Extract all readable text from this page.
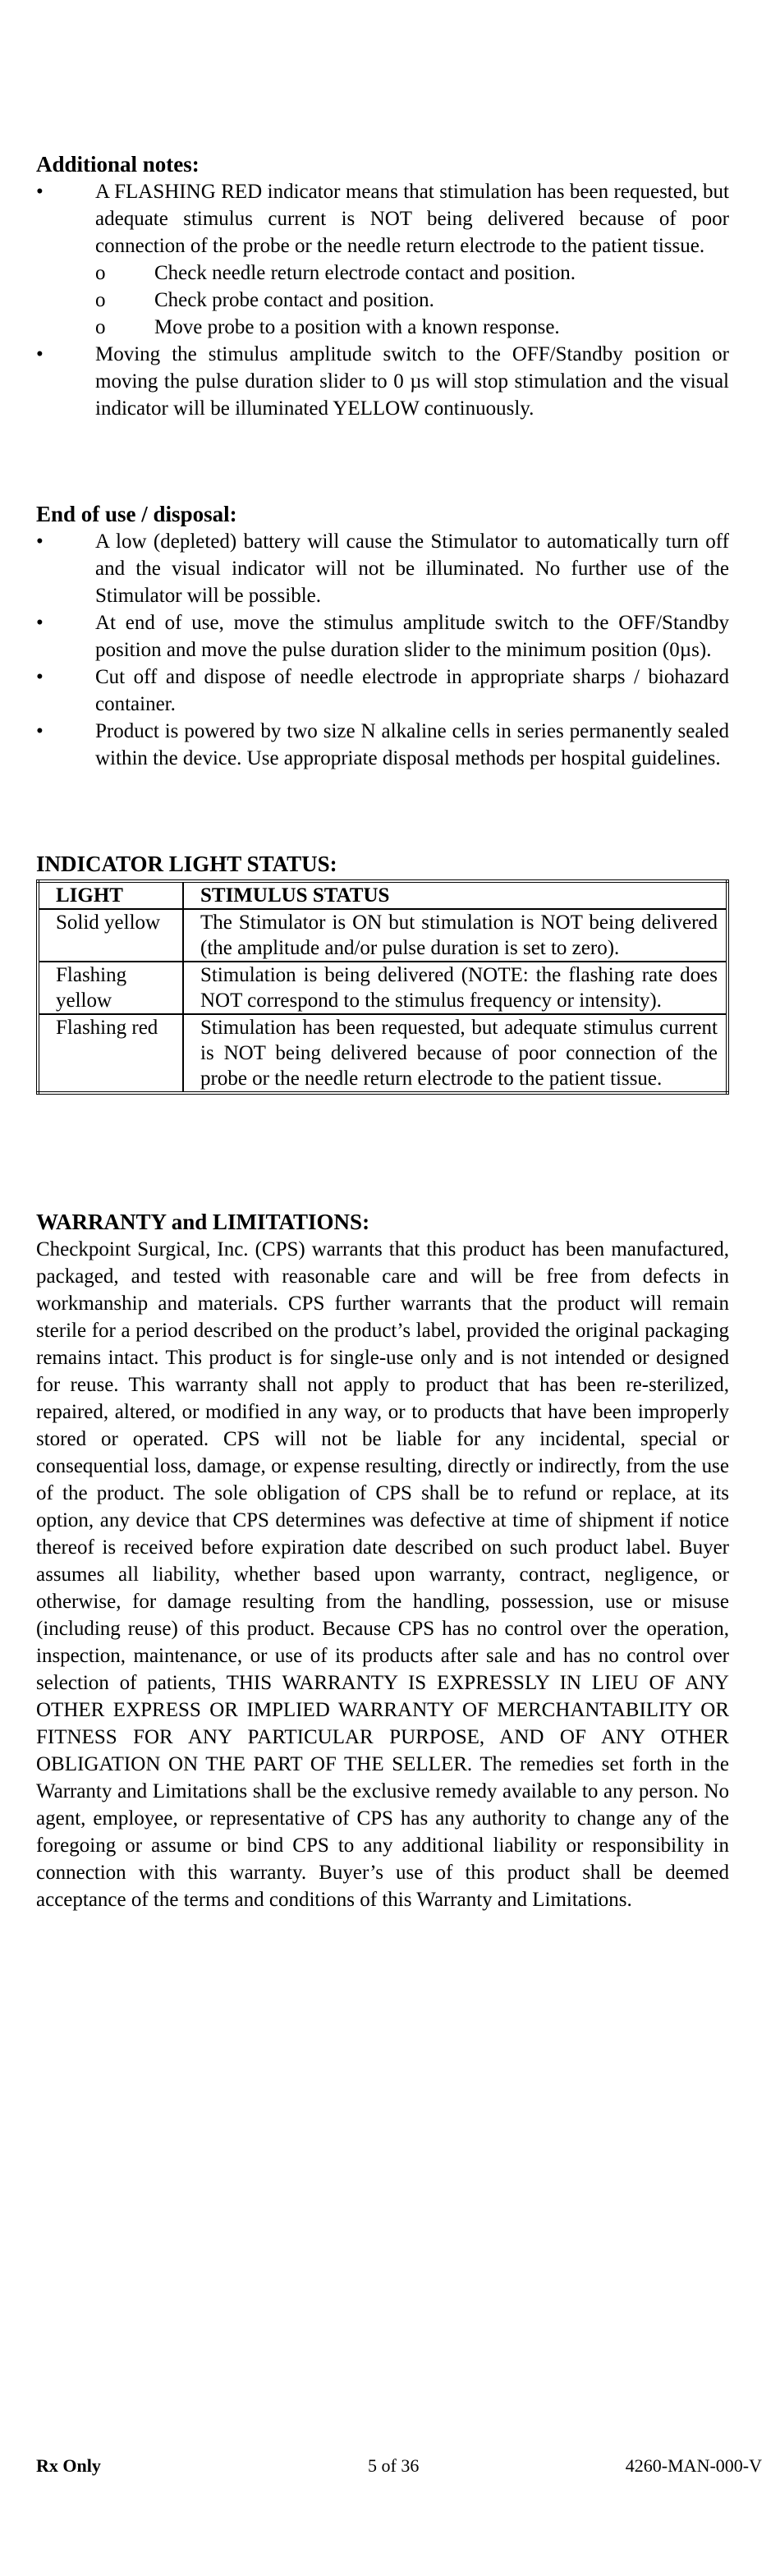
Additional notes:
•	A FLASHING RED indicator means that stimulation has been requested, but adequate stimulus current is NOT being delivered because of poor connection of the probe or the needle return electrode to the patient tissue.
o Check needle return electrode contact and position.
o Check probe contact and position.
o Move probe to a position with a known response.
•	Moving the stimulus amplitude switch to the OFF/Standby position or moving the pulse duration slider to 0 µs will stop stimulation and the visual indicator will be illuminated YELLOW continuously.
End of use / disposal:
•	A low (depleted) battery will cause the Stimulator to automatically turn off and the visual indicator will not be illuminated. No further use of the Stimulator will be possible.
•	At end of use, move the stimulus amplitude switch to the OFF/Standby position and move the pulse duration slider to the minimum position (0µs).
•	Cut off and dispose of needle electrode in appropriate sharps / biohazard container.
•	Product is powered by two size N alkaline cells in series permanently sealed within the device. Use appropriate disposal methods per hospital guidelines.
INDICATOR LIGHT STATUS:
LIGHT	STIMULUS STATUS
Solid yellow	The Stimulator is ON but stimulation is NOT being delivered (the amplitude and/or pulse duration is set to zero).
Flashing yellow	Stimulation is being delivered (NOTE: the flashing rate does NOT correspond to the stimulus frequency or intensity).
Flashing red	Stimulation has been requested, but adequate stimulus current is NOT being delivered because of poor connection of the probe or the needle return electrode to the patient tissue.
WARRANTY and LIMITATIONS:

Checkpoint Surgical, Inc. (CPS) warrants that this product has been manufactured, packaged, and tested with reasonable care and will be free from defects in workmanship and materials. CPS further warrants that the product will remain sterile for a period described on the product’s label, provided the original packaging remains intact. This product is for single-use only and is not intended or designed for reuse. This warranty shall not apply to product that has been re-sterilized, repaired, altered, or modified in any way, or to products that have been improperly stored or operated. CPS will not be liable for any incidental, special or consequential loss, damage, or expense resulting, directly or indirectly, from the use of the product. The sole obligation of CPS shall be to refund or replace, at its option, any device that CPS determines was defective at time of shipment if notice thereof is received before expiration date described on such product label. Buyer assumes all liability, whether based upon warranty, contract, negligence, or otherwise, for damage resulting from the handling, possession, use or misuse (including reuse) of this product. Because CPS has no control over the operation, inspection, maintenance, or use of its products after sale and has no control over selection of patients, THIS WARRANTY IS EXPRESSLY IN LIEU OF ANY OTHER EXPRESS OR IMPLIED WARRANTY OF MERCHANTABILITY OR FITNESS FOR ANY PARTICULAR PURPOSE, AND OF ANY OTHER OBLIGATION ON THE PART OF THE SELLER. The remedies set forth in the Warranty and Limitations shall be the exclusive remedy available to any person. No agent, employee, or representative of CPS has any authority to change any of the foregoing or assume or bind CPS to any additional liability or responsibility in connection with this warranty. Buyer’s use of this product shall be deemed acceptance of the terms and conditions of this Warranty and Limitations.

Rx Only	5 of 36	4260-MAN-000-V
